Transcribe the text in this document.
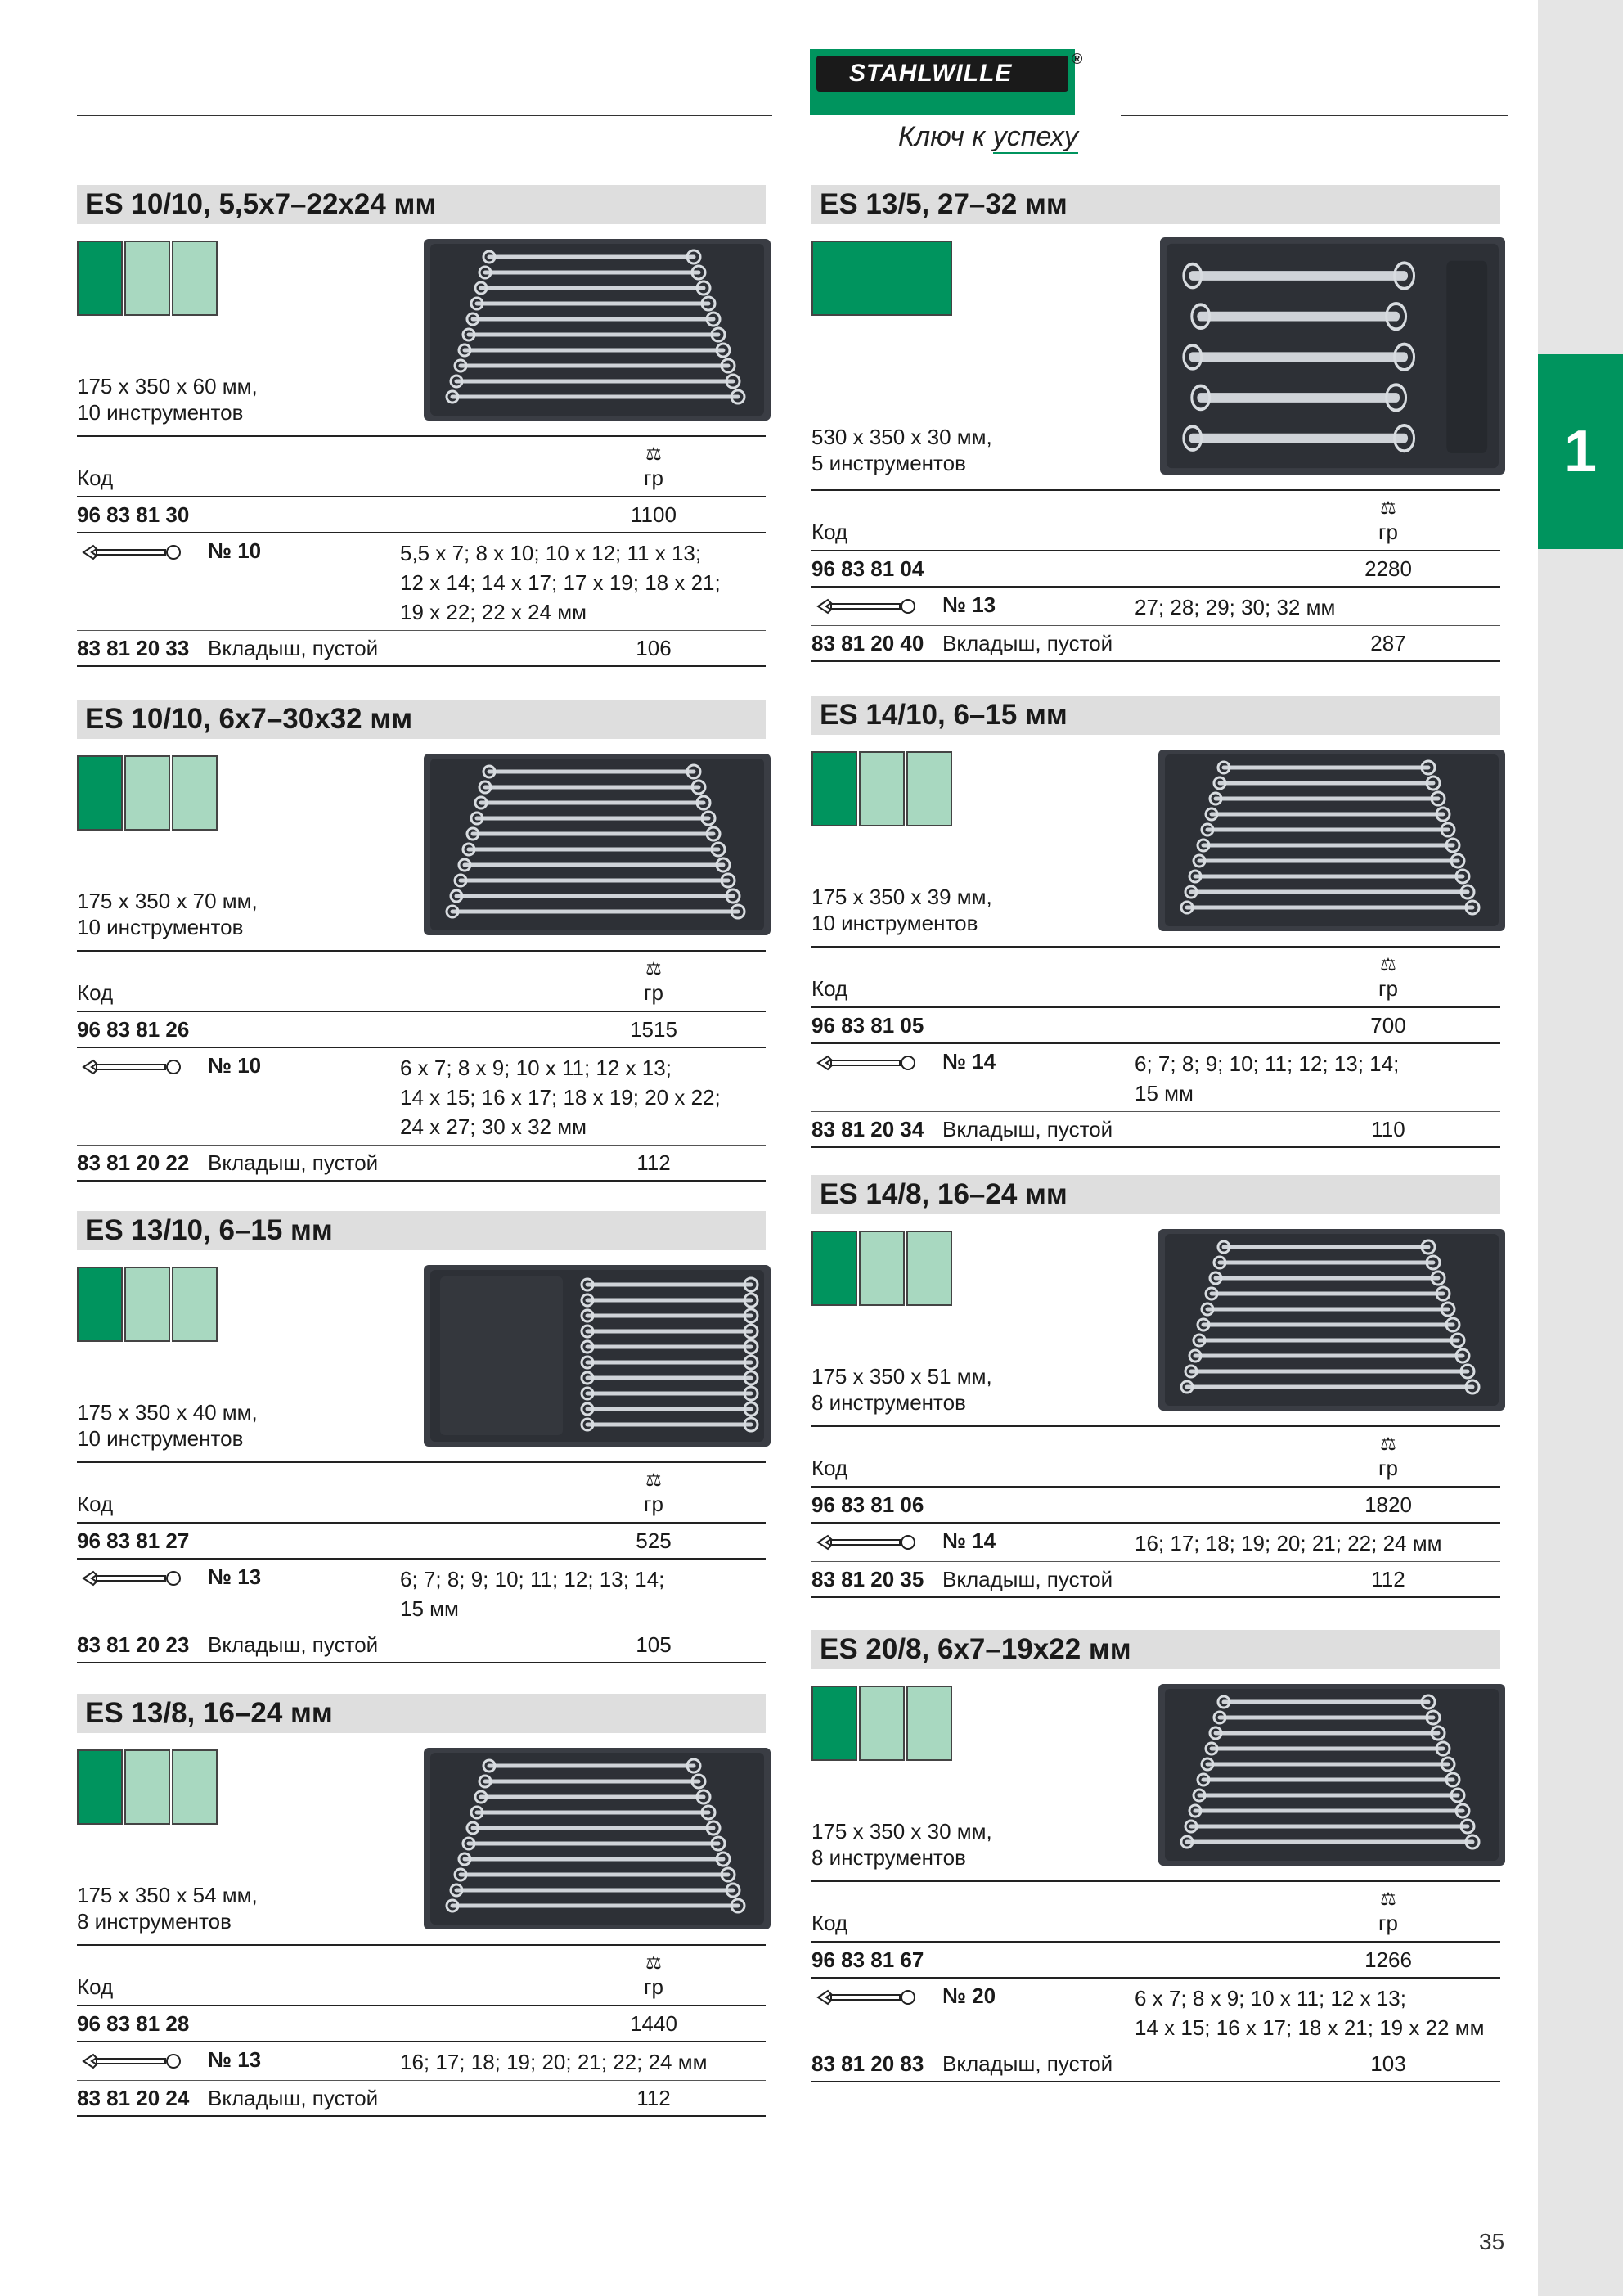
1
STAHLWILLE
®
Ключ к успеху
35
ES 10/10, 5,5x7–22x24 мм
175 x 350 x 60 мм,
10 инструментов
Код
⚖
гр
96 83 81 30	1100
№ 10	5,5 x 7; 8 x 10; 10 x 12; 11 x 13;
12 x 14; 14 x 17; 17 x 19; 18 x 21;
19 x 22; 22 x 24 мм
83 81 20 33 Вкладыш, пустой	106
ES 10/10, 6x7–30x32 мм
175 x 350 x 70 мм,
10 инструментов
Код
⚖
гр
96 83 81 26	1515
№ 10	6 x 7; 8 x 9; 10 x 11; 12 x 13;
14 x 15; 16 x 17; 18 x 19; 20 x 22;
24 x 27; 30 x 32 мм
83 81 20 22 Вкладыш, пустой	112
ES 13/10, 6–15 мм
175 x 350 x 40 мм,
10 инструментов
Код
⚖
гр
96 83 81 27	525
№ 13	6; 7; 8; 9; 10; 11; 12; 13; 14;
15 мм
83 81 20 23 Вкладыш, пустой	105
ES 13/8, 16–24 мм
175 x 350 x 54 мм,
8 инструментов
Код
⚖
гр
96 83 81 28	1440
№ 13	16; 17; 18; 19; 20; 21; 22; 24 мм
83 81 20 24 Вкладыш, пустой	112
ES 13/5, 27–32 мм
530 x 350 x 30 мм,
5 инструментов
Код
⚖
гр
96 83 81 04	2280
№ 13	27; 28; 29; 30; 32 мм
83 81 20 40 Вкладыш, пустой	287
ES 14/10, 6–15 мм
175 x 350 x 39 мм,
10 инструментов
Код
⚖
гр
96 83 81 05	700
№ 14	6; 7; 8; 9; 10; 11; 12; 13; 14;
15 мм
83 81 20 34 Вкладыш, пустой	110
ES 14/8, 16–24 мм
175 x 350 x 51 мм,
8 инструментов
Код
⚖
гр
96 83 81 06	1820
№ 14	16; 17; 18; 19; 20; 21; 22; 24 мм
83 81 20 35 Вкладыш, пустой	112
ES 20/8, 6x7–19x22 мм
175 x 350 x 30 мм,
8 инструментов
Код
⚖
гр
96 83 81 67	1266
№ 20	6 x 7; 8 x 9; 10 x 11; 12 x 13;
14 x 15; 16 x 17; 18 x 21; 19 x 22 мм
83 81 20 83 Вкладыш, пустой	103
